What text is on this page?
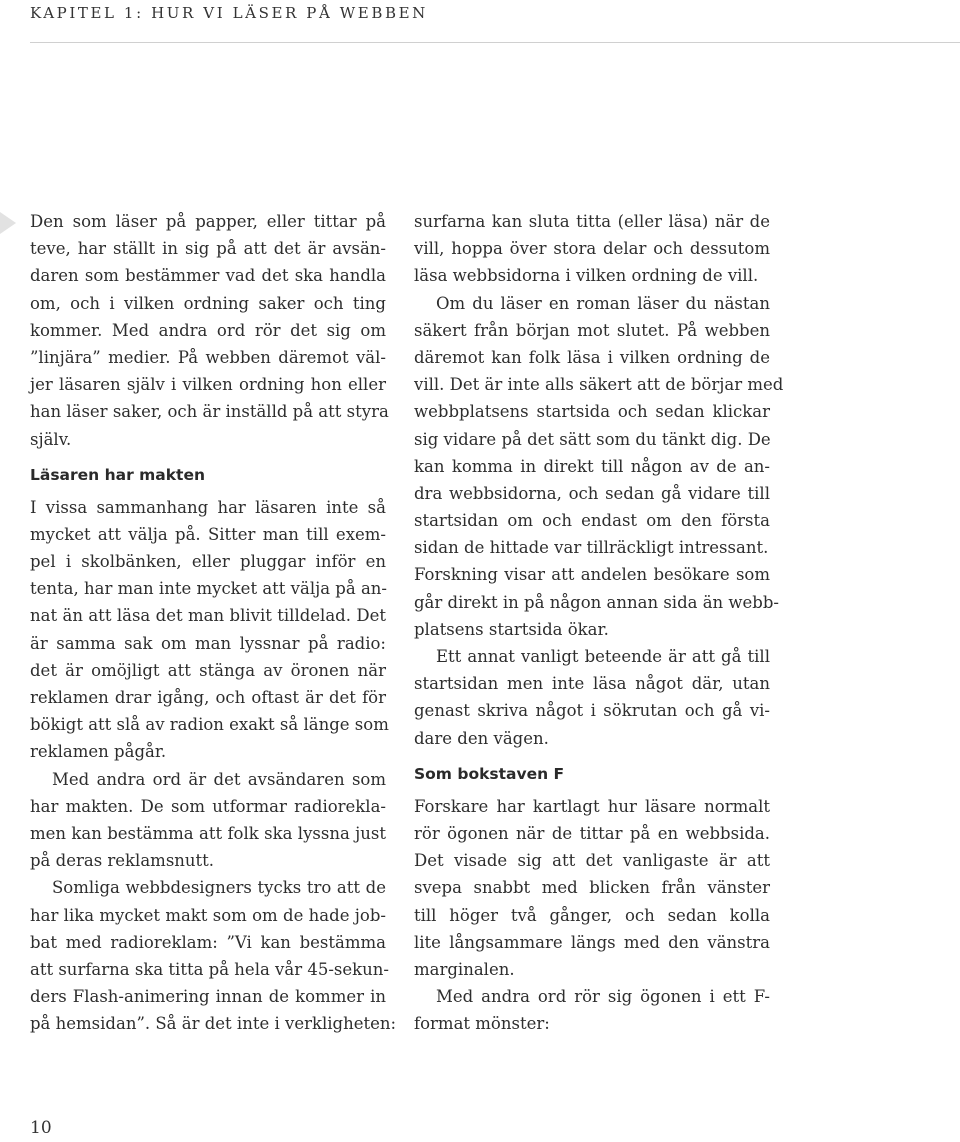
KAPITEL 1: HUR VI LÄSER PÅ WEBBEN
Den som läser på papper, eller tittar på
teve, har ställt in sig på att det är avsän-
daren som bestämmer vad det ska handla
om, och i vilken ordning saker och ting
kommer. Med andra ord rör det sig om
”linjära” medier. På webben däremot väl-
jer läsaren själv i vilken ordning hon eller
han läser saker, och är inställd på att styra
själv.
Läsaren har makten
I vissa sammanhang har läsaren inte så
mycket att välja på. Sitter man till exem-
pel i skolbänken, eller pluggar inför en
tenta, har man inte mycket att välja på an-
nat än att läsa det man blivit tilldelad. Det
är samma sak om man lyssnar på radio:
det är omöjligt att stänga av öronen när
reklamen drar igång, och oftast är det för
bökigt att slå av radion exakt så länge som
reklamen pågår.
Med andra ord är det avsändaren som
har makten. De som utformar radiorekla-
men kan bestämma att folk ska lyssna just
på deras reklamsnutt.
Somliga webbdesigners tycks tro att de
har lika mycket makt som om de hade job-
bat med radioreklam: ”Vi kan bestämma
att surfarna ska titta på hela vår 45-sekun-
ders Flash-animering innan de kommer in
på hemsidan”. Så är det inte i verkligheten:
surfarna kan sluta titta (eller läsa) när de
vill, hoppa över stora delar och dessutom
läsa webbsidorna i vilken ordning de vill.
Om du läser en roman läser du nästan
säkert från början mot slutet. På webben
däremot kan folk läsa i vilken ordning de
vill. Det är inte alls säkert att de börjar med
webbplatsens startsida och sedan klickar
sig vidare på det sätt som du tänkt dig. De
kan komma in direkt till någon av de an-
dra webbsidorna, och sedan gå vidare till
startsidan om och endast om den första
sidan de hittade var tillräckligt intressant.
Forskning visar att andelen besökare som
går direkt in på någon annan sida än webb-
platsens startsida ökar.
Ett annat vanligt beteende är att gå till
startsidan men inte läsa något där, utan
genast skriva något i sökrutan och gå vi-
dare den vägen.
Som bokstaven F
Forskare har kartlagt hur läsare normalt
rör ögonen när de tittar på en webbsida.
Det visade sig att det vanligaste är att
svepa snabbt med blicken från vänster
till höger två gånger, och sedan kolla
lite långsammare längs med den vänstra
marginalen.
Med andra ord rör sig ögonen i ett F-
format mönster:
10
